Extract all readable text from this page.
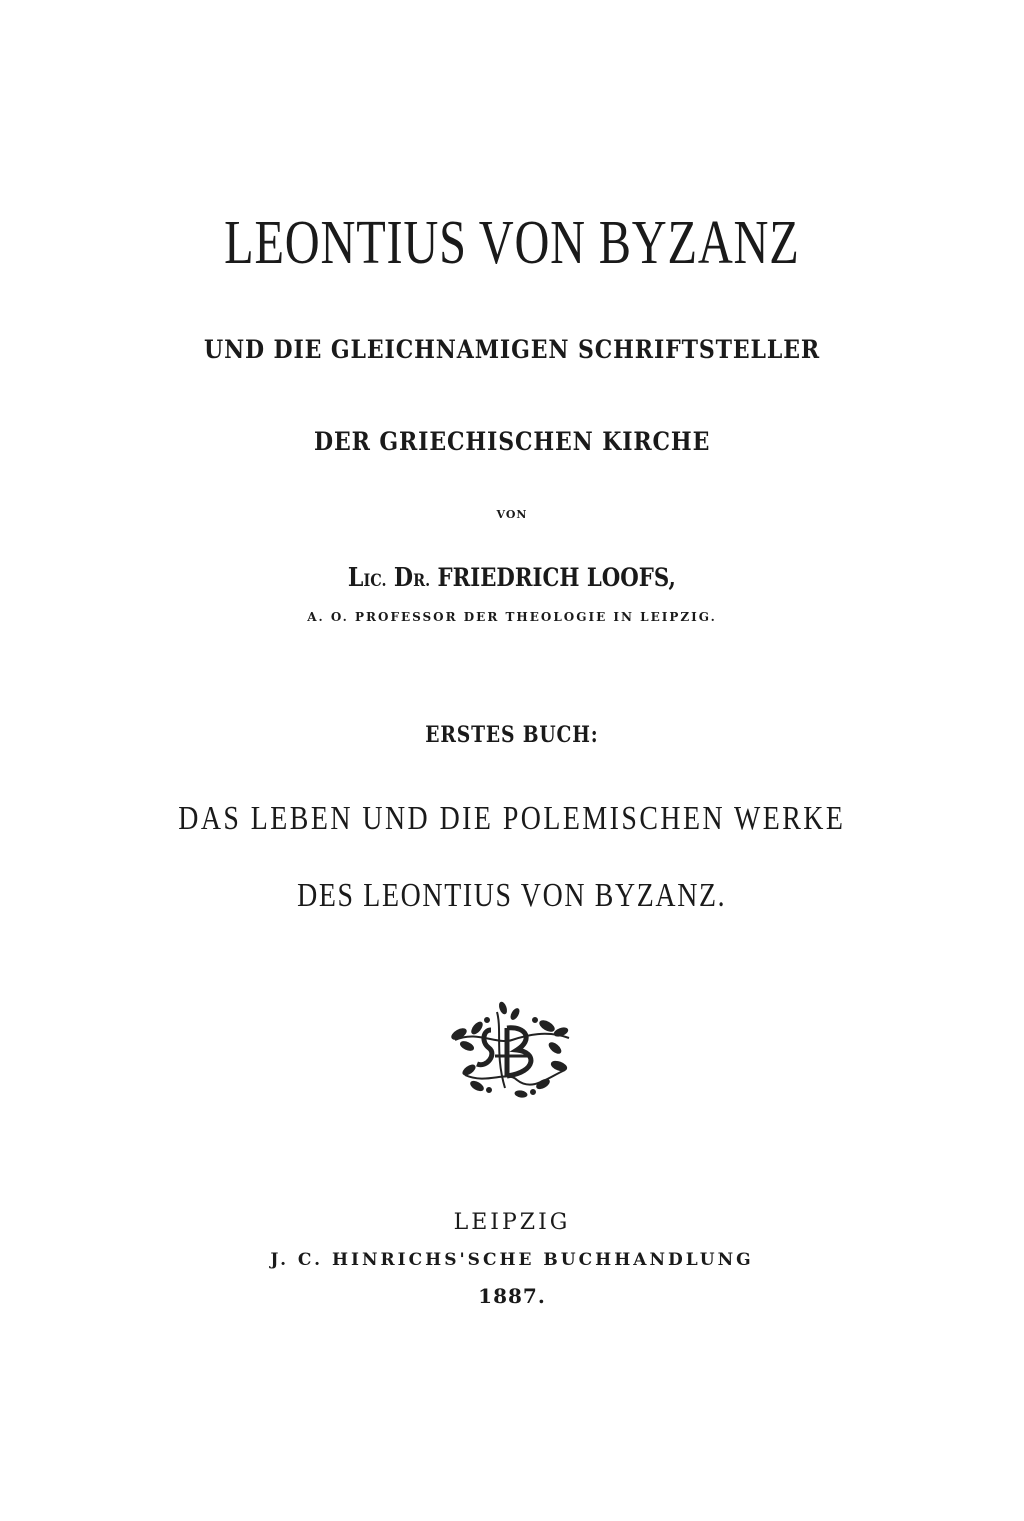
LEONTIUS VON BYZANZ
UND DIE GLEICHNAMIGEN SCHRIFTSTELLER
DER GRIECHISCHEN KIRCHE
VON
LIC. DR. FRIEDRICH LOOFS,
A. O. PROFESSOR DER THEOLOGIE IN LEIPZIG.
ERSTES BUCH:
DAS LEBEN UND DIE POLEMISCHEN WERKE
DES LEONTIUS VON BYZANZ.
LEIPZIG
J. C. HINRICHS'SCHE BUCHHANDLUNG
1887.
